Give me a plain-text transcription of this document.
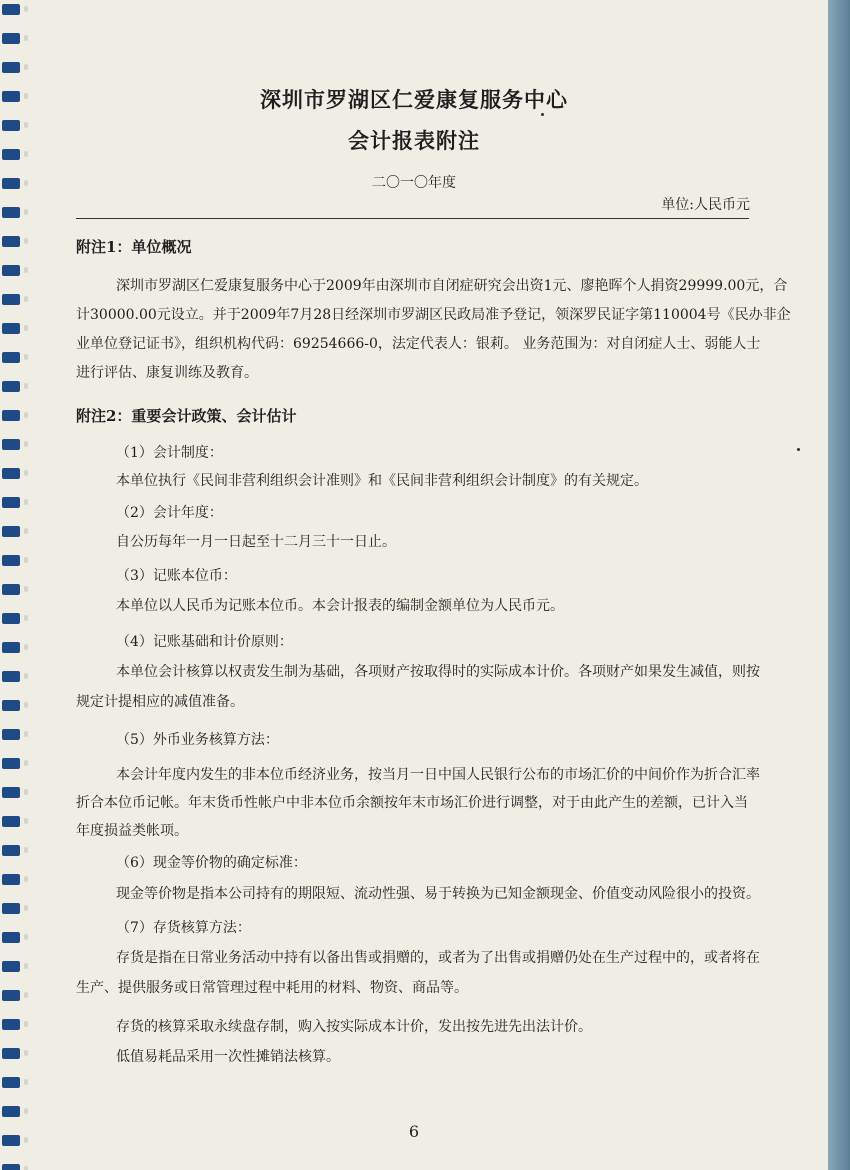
深圳市罗湖区仁爱康复服务中心
会计报表附注
二〇一〇年度
单位:人民币元
附注1：单位概况
深圳市罗湖区仁爱康复服务中心于2009年由深圳市自闭症研究会出资1元、廖艳晖个人捐资29999.00元，合
计30000.00元设立。并于2009年7月28日经深圳市罗湖区民政局准予登记，领深罗民证字第110004号《民办非企
业单位登记证书》，组织机构代码：69254666-0，法定代表人：银莉。 业务范围为：对自闭症人士、弱能人士
进行评估、康复训练及教育。
附注2：重要会计政策、会计估计
（1）会计制度：
本单位执行《民间非营利组织会计准则》和《民间非营利组织会计制度》的有关规定。
（2）会计年度：
自公历每年一月一日起至十二月三十一日止。
（3）记账本位币：
本单位以人民币为记账本位币。本会计报表的编制金额单位为人民币元。
（4）记账基础和计价原则：
本单位会计核算以权责发生制为基础，各项财产按取得时的实际成本计价。各项财产如果发生减值，则按
规定计提相应的减值准备。
（5）外币业务核算方法：
本会计年度内发生的非本位币经济业务，按当月一日中国人民银行公布的市场汇价的中间价作为折合汇率
折合本位币记帐。年末货币性帐户中非本位币余额按年末市场汇价进行调整，对于由此产生的差额，已计入当
年度损益类帐项。
（6）现金等价物的确定标准：
现金等价物是指本公司持有的期限短、流动性强、易于转换为已知金额现金、价值变动风险很小的投资。
（7）存货核算方法：
存货是指在日常业务活动中持有以备出售或捐赠的，或者为了出售或捐赠仍处在生产过程中的，或者将在
生产、提供服务或日常管理过程中耗用的材料、物资、商品等。
存货的核算采取永续盘存制，购入按实际成本计价，发出按先进先出法计价。
低值易耗品采用一次性摊销法核算。
6
